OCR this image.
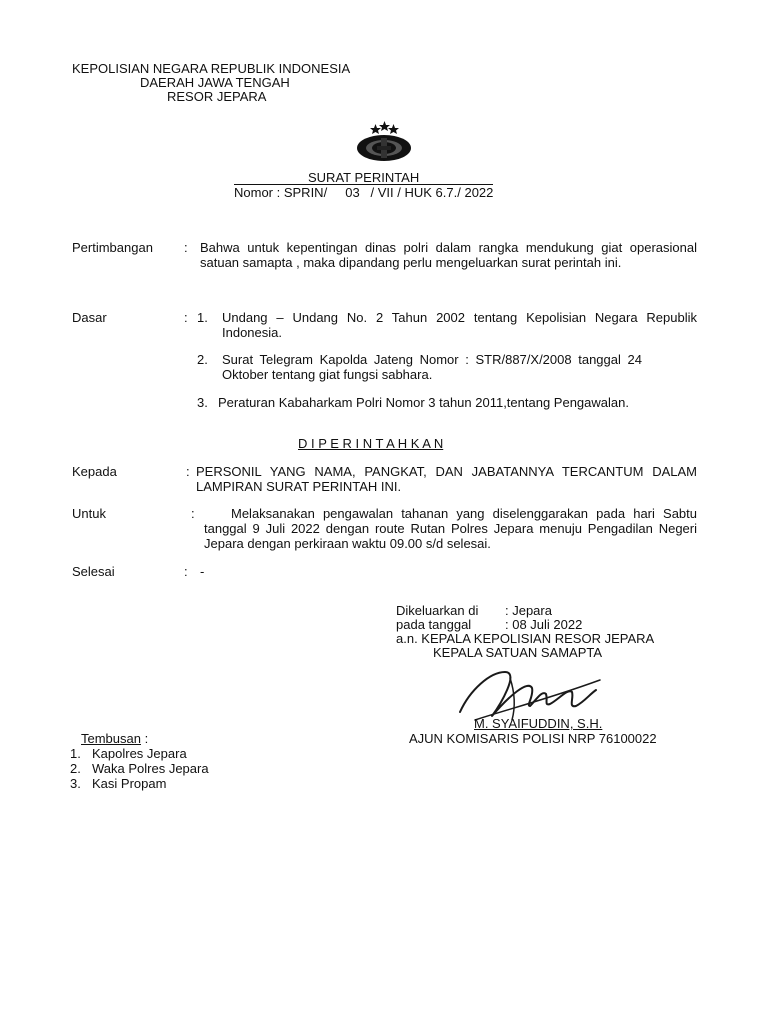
KEPOLISIAN NEGARA REPUBLIK INDONESIA
DAERAH JAWA TENGAH
RESOR JEPARA
SURAT PERINTAH
Nomor : SPRIN/     03   / VII / HUK 6.7./ 2022
Pertimbangan : Bahwa untuk kepentingan dinas polri dalam rangka mendukung giat operasional satuan samapta , maka dipandang perlu mengeluarkan surat perintah ini.
Dasar	: 1. Undang – Undang No. 2 Tahun 2002 tentang Kepolisian Negara Republik Indonesia.
2. Surat Telegram Kapolda Jateng Nomor : STR/887/X/2008 tanggal 24 Oktober tentang giat fungsi sabhara.
3. Peraturan Kabaharkam Polri Nomor 3 tahun 2011,tentang Pengawalan.
D I P E R I N T A H K A N
Kepada	: PERSONIL YANG NAMA, PANGKAT, DAN JABATANNYA TERCANTUM DALAM LAMPIRAN SURAT PERINTAH INI.
Untuk	:	Melaksanakan pengawalan tahanan yang diselenggarakan pada hari Sabtu tanggal 9 Juli 2022 dengan route Rutan Polres Jepara menuju Pengadilan Negeri Jepara dengan perkiraan waktu 09.00 s/d selesai.
Selesai	: -
Dikeluarkan di : Jepara
pada tanggal	: 08 Juli 2022
a.n. KEPALA KEPOLISIAN RESOR JEPARA
KEPALA SATUAN SAMAPTA
M. SYAIFUDDIN, S.H.
AJUN KOMISARIS POLISI NRP 76100022
Tembusan :
1. Kapolres Jepara
2. Waka Polres Jepara
3. Kasi Propam
